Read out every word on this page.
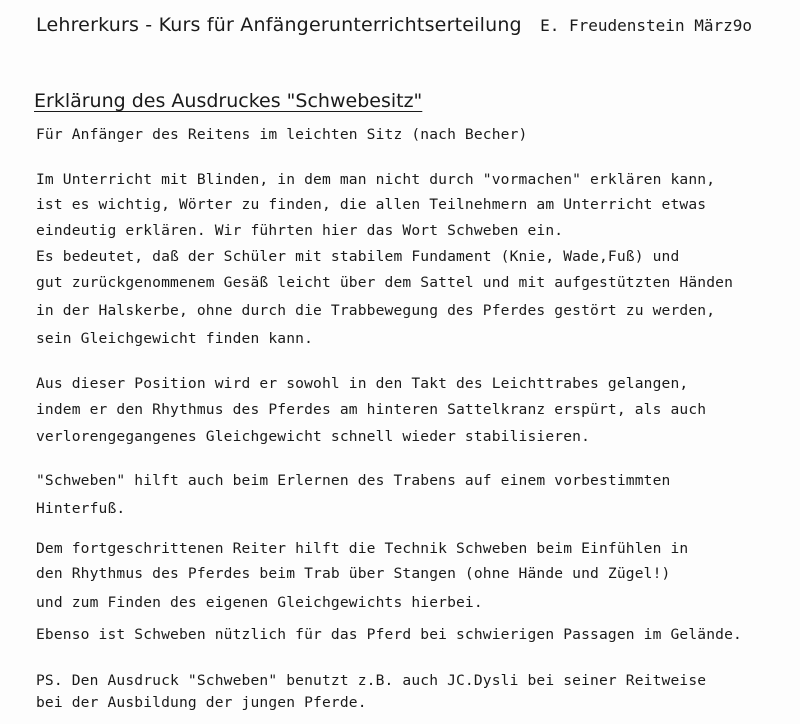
Lehrerkurs - Kurs für Anfängerunterrichtserteilung E. Freudenstein März9o
Erklärung des Ausdruckes "Schwebesitz"
Für Anfänger des Reitens im leichten Sitz (nach Becher)
Im Unterricht mit Blinden, in dem man nicht durch "vormachen" erklären kann,
ist es wichtig, Wörter zu finden, die allen Teilnehmern am Unterricht etwas
eindeutig erklären. Wir führten hier das Wort Schweben ein.
Es bedeutet, daß der Schüler mit stabilem Fundament (Knie, Wade,Fuß) und
gut zurückgenommenem Gesäß leicht über dem Sattel und mit aufgestützten Händen
in der Halskerbe, ohne durch die Trabbewegung des Pferdes gestört zu werden,
sein Gleichgewicht finden kann.
Aus dieser Position wird er sowohl in den Takt des Leichttrabes gelangen,
indem er den Rhythmus des Pferdes am hinteren Sattelkranz erspürt, als auch
verlorengegangenes Gleichgewicht schnell wieder stabilisieren.
"Schweben" hilft auch beim Erlernen des Trabens auf einem vorbestimmten
Hinterfuß.
Dem fortgeschrittenen Reiter hilft die Technik Schweben beim Einfühlen in
den Rhythmus des Pferdes beim Trab über Stangen (ohne Hände und Zügel!)
und zum Finden des eigenen Gleichgewichts hierbei.
Ebenso ist Schweben nützlich für das Pferd bei schwierigen Passagen im Gelände.
PS. Den Ausdruck "Schweben" benutzt z.B. auch JC.Dysli bei seiner Reitweise
bei der Ausbildung der jungen Pferde.
